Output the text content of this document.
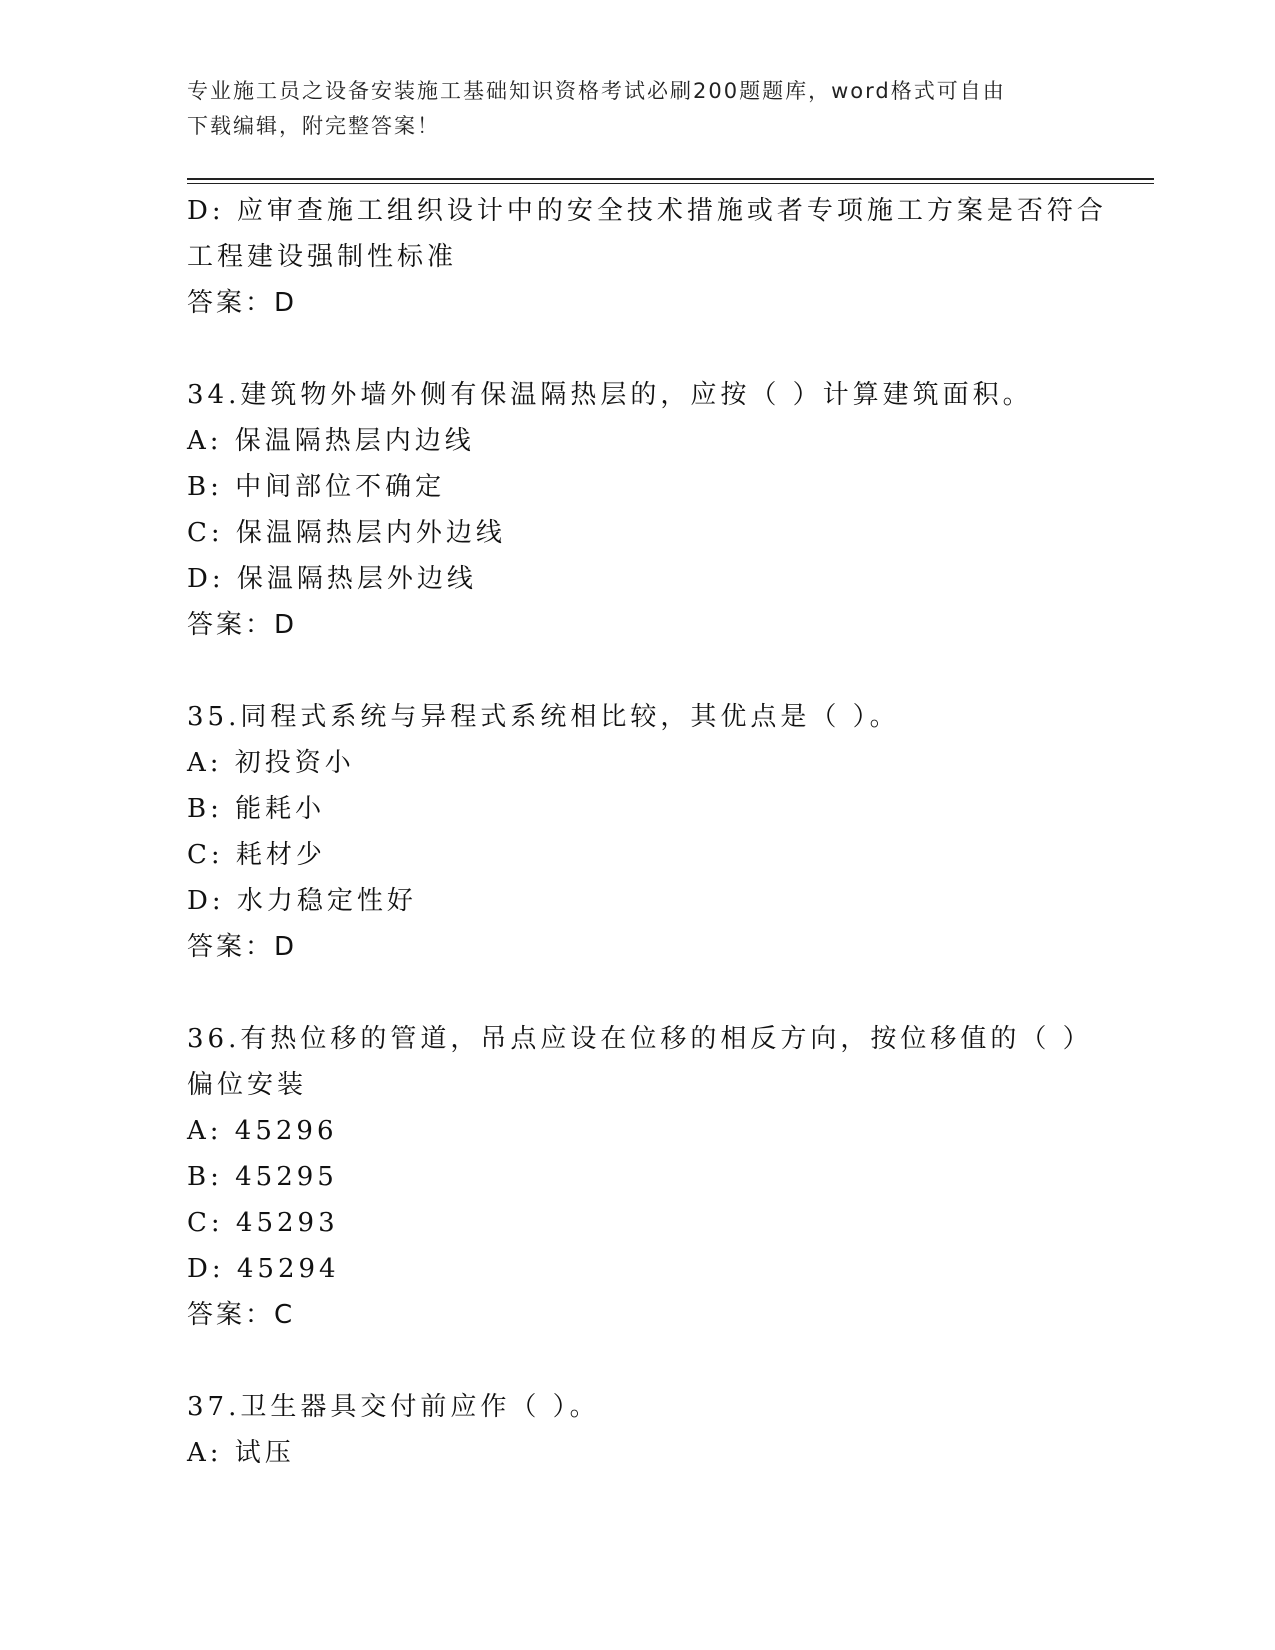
专业施工员之设备安装施工基础知识资格考试必刷200题题库，word格式可自由
下载编辑，附完整答案！
D: 应审查施工组织设计中的安全技术措施或者专项施工方案是否符合
工程建设强制性标准
答案：D
34.建筑物外墙外侧有保温隔热层的，应按（ ）计算建筑面积。
A: 保温隔热层内边线
B: 中间部位不确定
C: 保温隔热层内外边线
D: 保温隔热层外边线
答案：D
35.同程式系统与异程式系统相比较，其优点是（ ）。
A: 初投资小
B: 能耗小
C: 耗材少
D: 水力稳定性好
答案：D
36.有热位移的管道，吊点应设在位移的相反方向，按位移值的（ ）
偏位安装
A: 45296
B: 45295
C: 45293
D: 45294
答案：C
37.卫生器具交付前应作（ ）。
A: 试压
